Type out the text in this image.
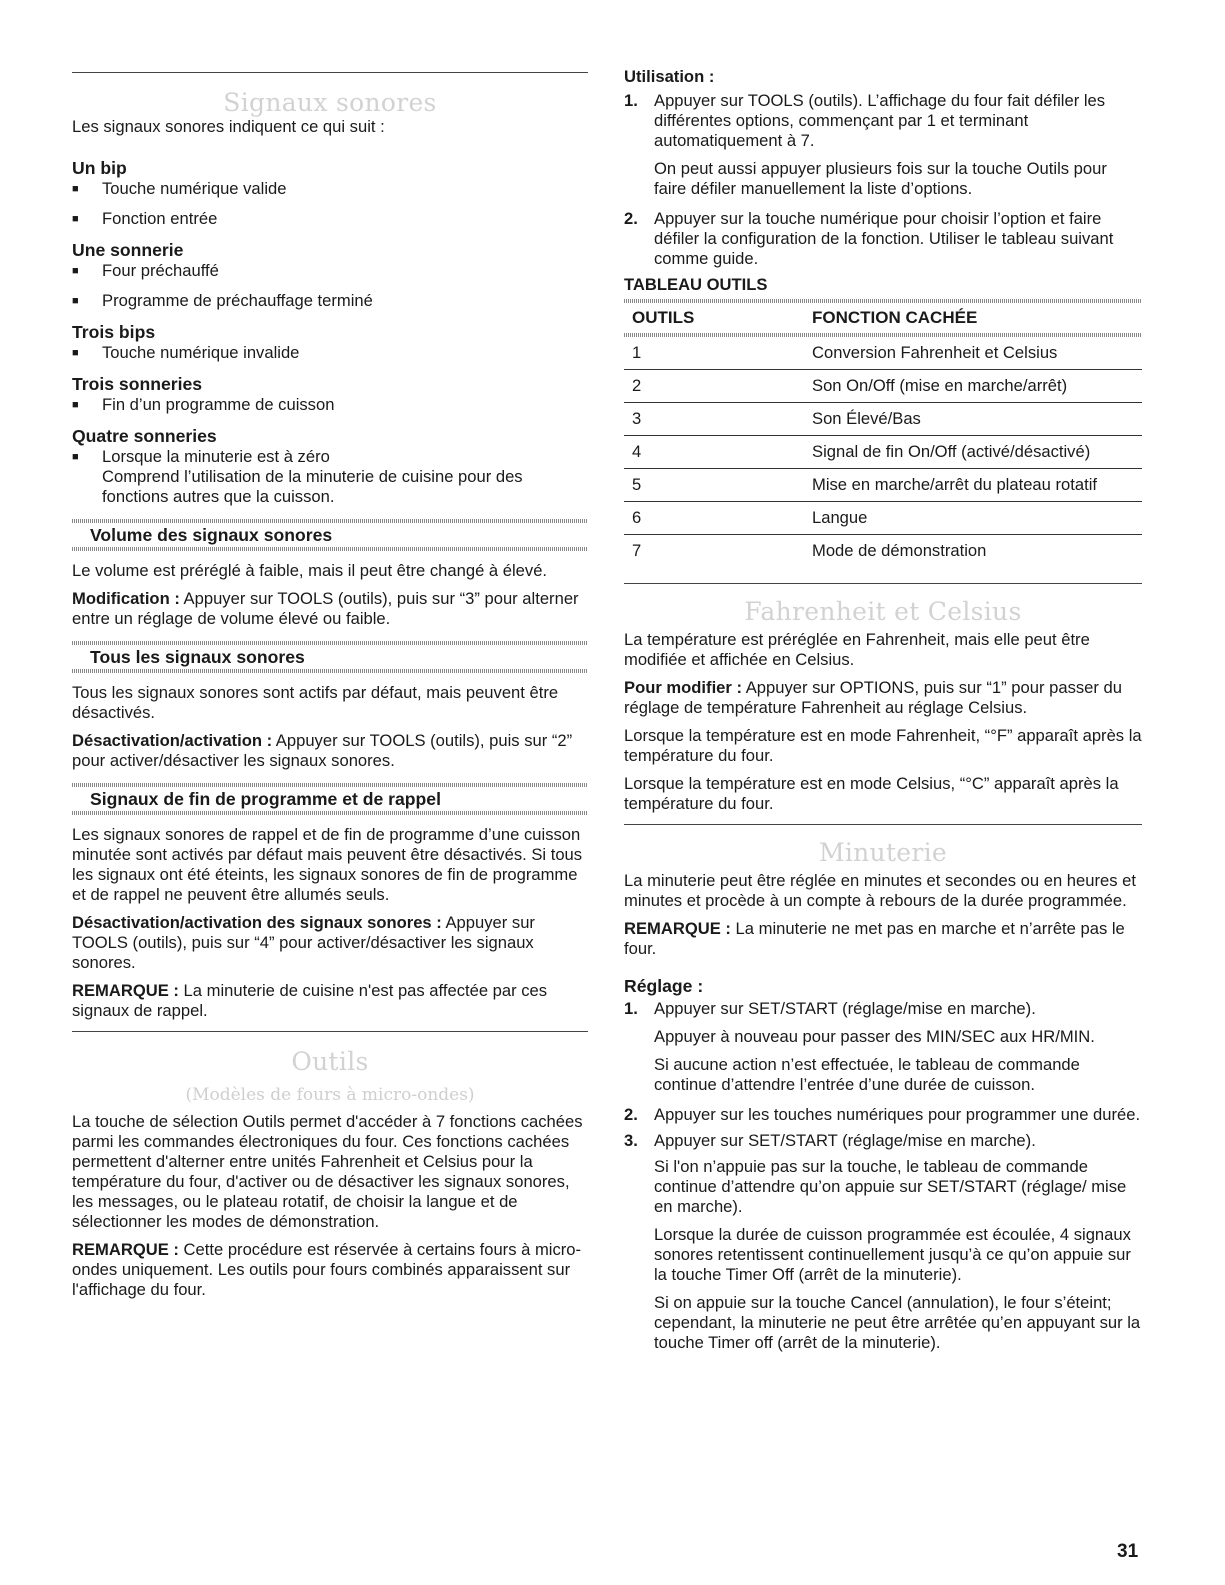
Signaux sonores

Les signaux sonores indiquent ce qui suit :

Un bip

■ Touche numérique valide
■ Fonction entrée

Une sonnerie

■ Four préchauffé
■ Programme de préchauffage terminé

Trois bips

■ Touche numérique invalide

Trois sonneries

■ Fin d’un programme de cuisson

Quatre sonneries

■ Lorsque la minuterie est à zéro
Comprend l’utilisation de la minuterie de cuisine pour des fonctions autres que la cuisson.
Volume des signaux sonores

Le volume est préréglé à faible, mais il peut être changé à élevé.

Modification : Appuyer sur TOOLS (outils), puis sur “3” pour alterner entre un réglage de volume élevé ou faible.

Tous les signaux sonores

Tous les signaux sonores sont actifs par défaut, mais peuvent être désactivés.

Désactivation/activation : Appuyer sur TOOLS (outils), puis sur “2” pour activer/désactiver les signaux sonores.

Signaux de fin de programme et de rappel

Les signaux sonores de rappel et de fin de programme d’une cuisson minutée sont activés par défaut mais peuvent être désactivés. Si tous les signaux ont été éteints, les signaux sonores de fin de programme et de rappel ne peuvent être allumés seuls.

Désactivation/activation des signaux sonores : Appuyer sur TOOLS (outils), puis sur “4” pour activer/désactiver les signaux sonores.

REMARQUE : La minuterie de cuisine n'est pas affectée par ces signaux de rappel.

Outils
(Modèles de fours à micro-ondes)

La touche de sélection Outils permet d'accéder à 7 fonctions cachées parmi les commandes électroniques du four. Ces fonctions cachées permettent d'alterner entre unités Fahrenheit et Celsius pour la température du four, d'activer ou de désactiver les signaux sonores, les messages, ou le plateau rotatif, de choisir la langue et de sélectionner les modes de démonstration.

REMARQUE : Cette procédure est réservée à certains fours à micro-ondes uniquement. Les outils pour fours combinés apparaissent sur l'affichage du four.

Utilisation :

1. Appuyer sur TOOLS (outils). L’affichage du four fait défiler les différentes options, commençant par 1 et terminant automatiquement à 7.

On peut aussi appuyer plusieurs fois sur la touche Outils pour faire défiler manuellement la liste d’options.

2. Appuyer sur la touche numérique pour choisir l’option et faire défiler la configuration de la fonction. Utiliser le tableau suivant comme guide.

TABLEAU OUTILS

OUTILS	FONCTION CACHÉE
1	Conversion Fahrenheit et Celsius
2	Son On/Off (mise en marche/arrêt)
3	Son Élevé/Bas
4	Signal de fin On/Off (activé/désactivé)
5	Mise en marche/arrêt du plateau rotatif
6	Langue
7	Mode de démonstration
Fahrenheit et Celsius

La température est préréglée en Fahrenheit, mais elle peut être modifiée et affichée en Celsius.

Pour modifier : Appuyer sur OPTIONS, puis sur “1” pour passer du réglage de température Fahrenheit au réglage Celsius.

Lorsque la température est en mode Fahrenheit, “°F” apparaît après la température du four.

Lorsque la température est en mode Celsius, “°C” apparaît après la température du four.

Minuterie

La minuterie peut être réglée en minutes et secondes ou en heures et minutes et procède à un compte à rebours de la durée programmée.

REMARQUE : La minuterie ne met pas en marche et n’arrête pas le four.

Réglage :

1. Appuyer sur SET/START (réglage/mise en marche).

Appuyer à nouveau pour passer des MIN/SEC aux HR/MIN.

Si aucune action n’est effectuée, le tableau de commande continue d’attendre l’entrée d’une durée de cuisson.

2. Appuyer sur les touches numériques pour programmer une durée.

3. Appuyer sur SET/START (réglage/mise en marche).

Si l'on n’appuie pas sur la touche, le tableau de commande continue d’attendre qu’on appuie sur SET/START (réglage/ mise en marche).

Lorsque la durée de cuisson programmée est écoulée, 4 signaux sonores retentissent continuellement jusqu’à ce qu’on appuie sur la touche Timer Off (arrêt de la minuterie).

Si on appuie sur la touche Cancel (annulation), le four s’éteint; cependant, la minuterie ne peut être arrêtée qu’en appuyant sur la touche Timer off (arrêt de la minuterie).

31
